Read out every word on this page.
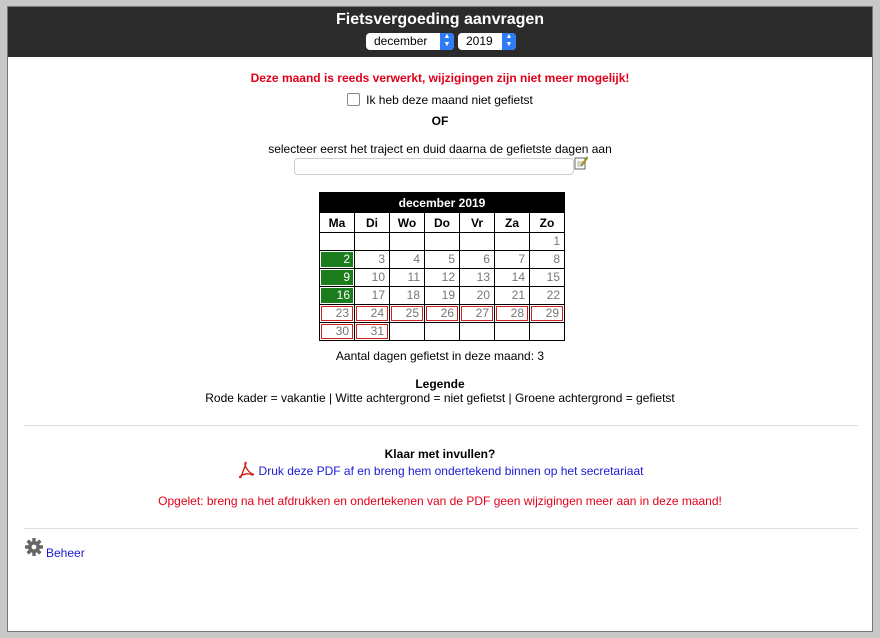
Fietsvergoeding aanvragen
december	▲
▼	2019	▲
▼
Deze maand is reeds verwerkt, wijzigingen zijn niet meer mogelijk!
Ik heb deze maand niet gefietst
OF
selecteer eerst het traject en duid daarna de gefietste dagen aan
december 2019						
Ma	Di	Wo	Do	Vr	Za	Zo

						1

2	3	4	5	6	7	8

9	10	11	12	13	14	15

16	17	18	19	20	21	22

23	24	25	26	27	28	29

30	31					

Aantal dagen gefietst in deze maand: 3
Legende
Rode kader = vakantie | Witte achtergrond = niet gefietst | Groene achtergrond = gefietst
Klaar met invullen?
Druk deze PDF af en breng hem ondertekend binnen op het secretariaat
Opgelet: breng na het afdrukken en ondertekenen van de PDF geen wijzigingen meer aan in deze maand!
Beheer
